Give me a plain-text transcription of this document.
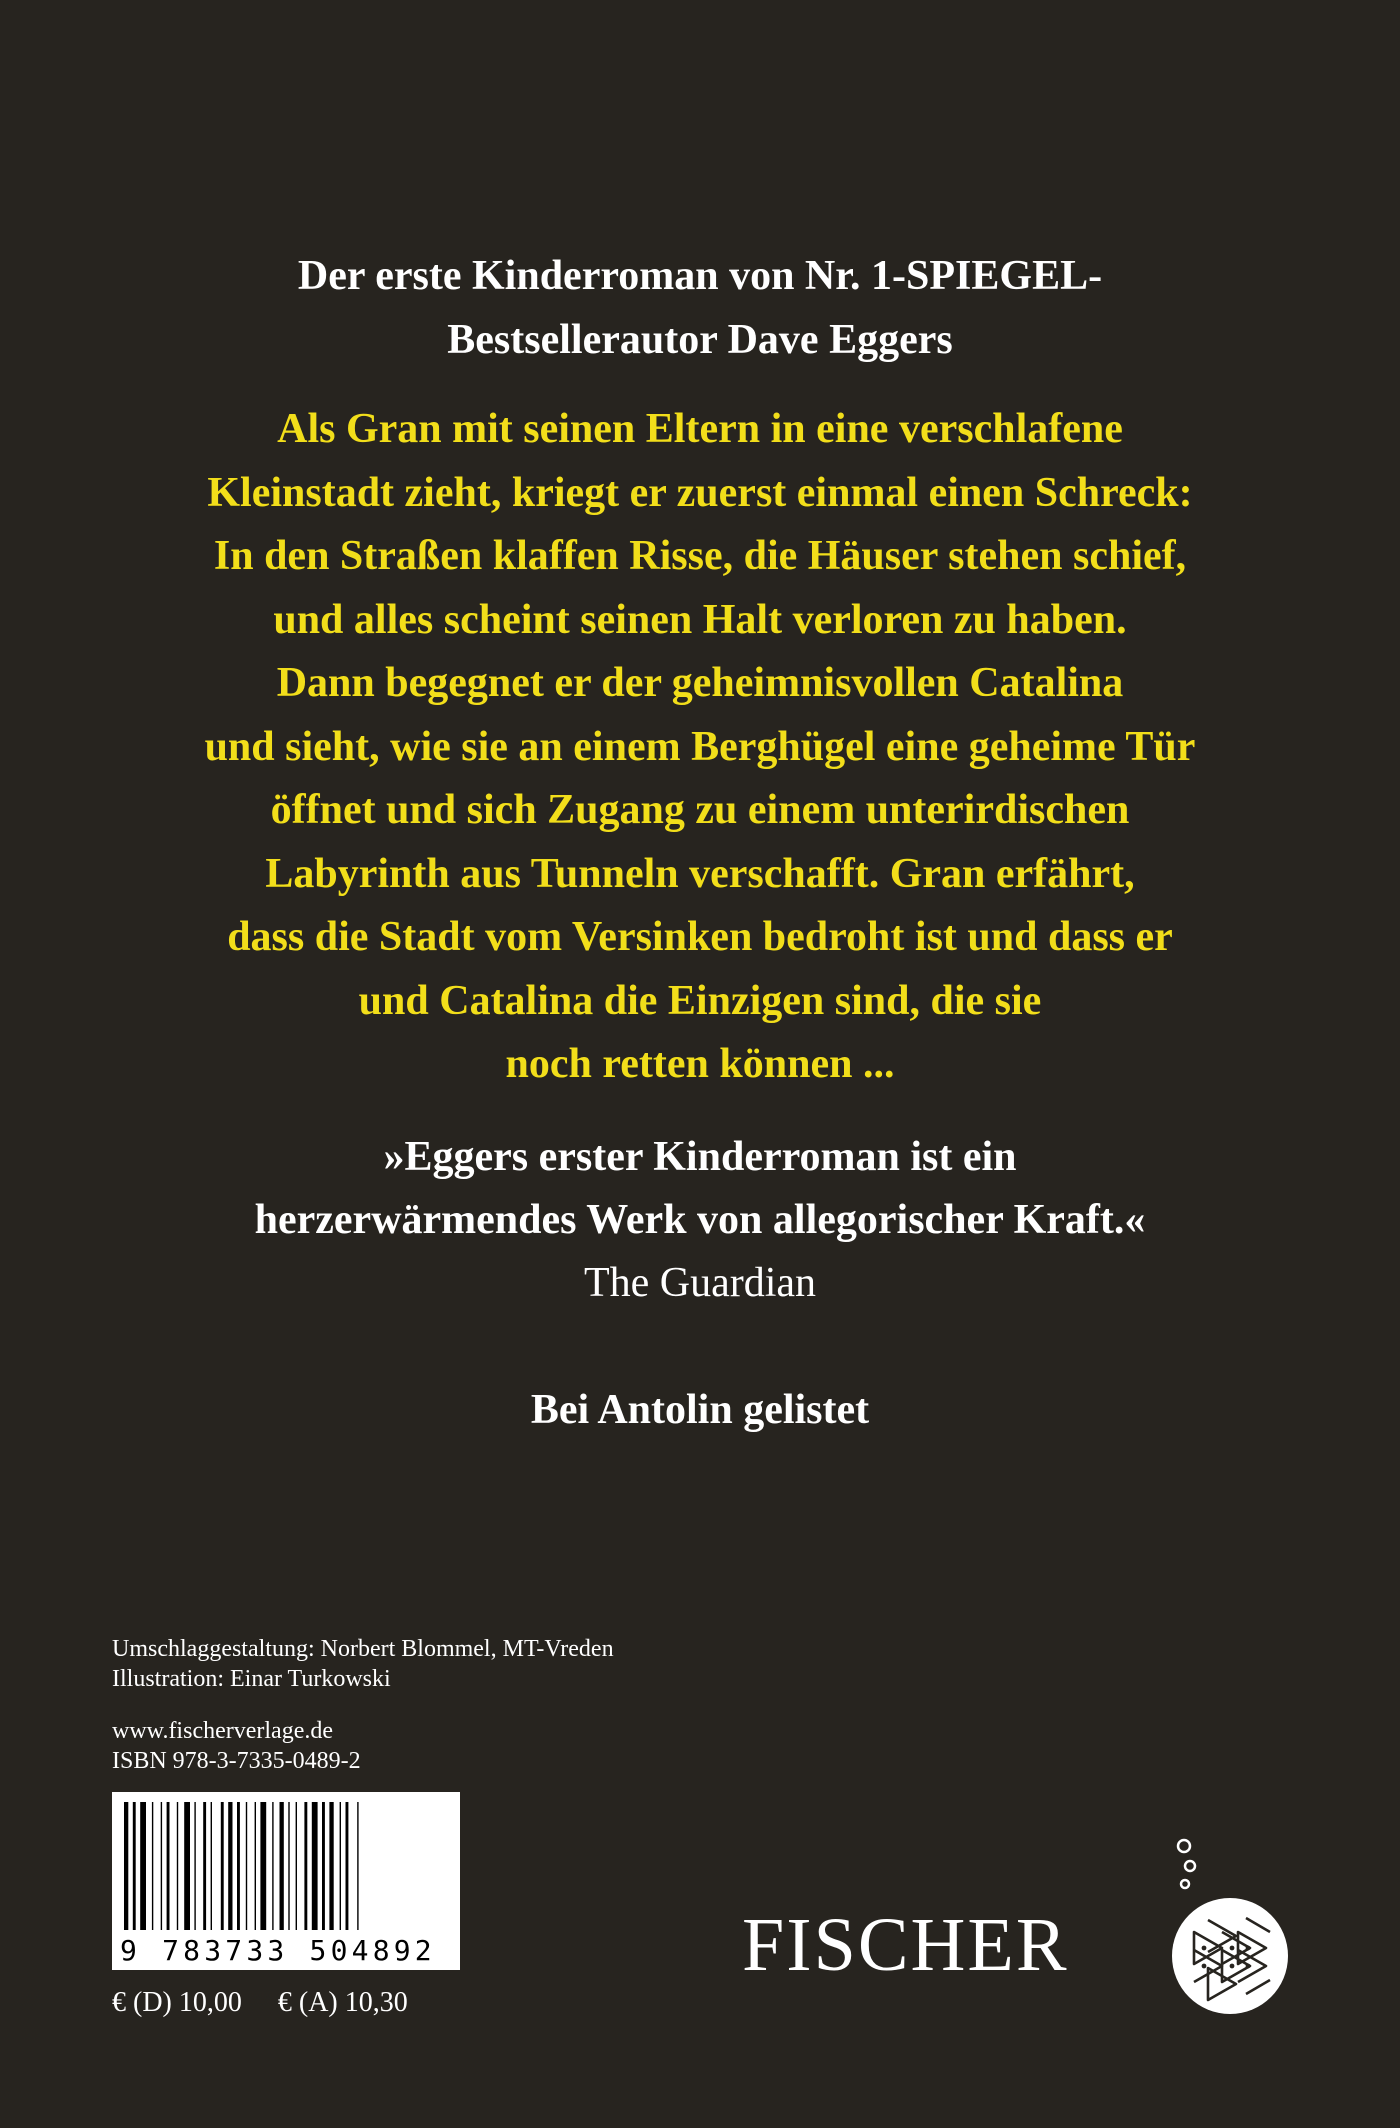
Der erste Kinderroman von Nr. 1-SPIEGEL-
Bestsellerautor Dave Eggers
Als Gran mit seinen Eltern in eine verschlafene
Kleinstadt zieht, kriegt er zuerst einmal einen Schreck:
In den Straßen klaffen Risse, die Häuser stehen schief,
und alles scheint seinen Halt verloren zu haben.
Dann begegnet er der geheimnisvollen Catalina
und sieht, wie sie an einem Berghügel eine geheime Tür
öffnet und sich Zugang zu einem unterirdischen
Labyrinth aus Tunneln verschafft. Gran erfährt,
dass die Stadt vom Versinken bedroht ist und dass er
und Catalina die Einzigen sind, die sie
noch retten können ...
»Eggers erster Kinderroman ist ein
herzerwärmendes Werk von allegorischer Kraft.«
The Guardian
Bei Antolin gelistet
Umschlaggestaltung: Norbert Blommel, MT-Vreden
Illustration: Einar Turkowski
www.fischerverlage.de
ISBN 978-3-7335-0489-2
9 783733 504892
€ (D) 10,00 € (A) 10,30
FISCHER
